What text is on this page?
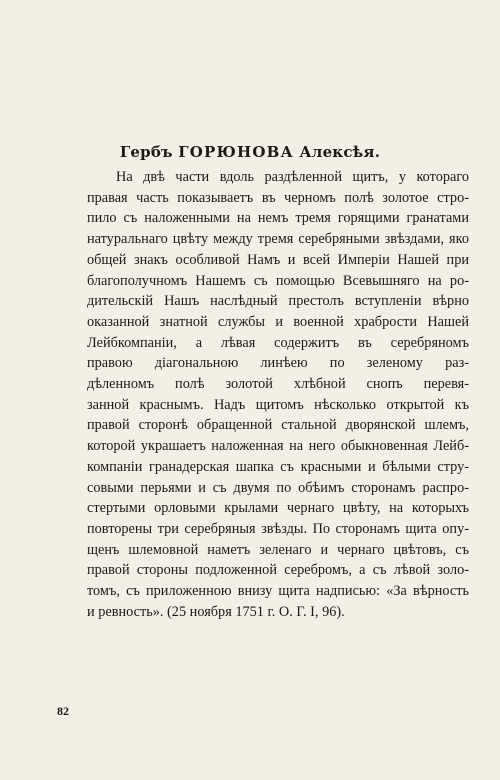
Гербъ ГОРЮНОВА Алексѣя.
На двѣ части вдоль раздѣленной щитъ, у котораго
правая часть показываетъ въ черномъ полѣ золотое стро-
пило съ наложенными на немъ тремя горящими гранатами
натуральнаго цвѣту между тремя серебряными звѣздами, яко
общей знакъ особливой Намъ и всей Имперіи Нашей при
благополучномъ Нашемъ съ помощью Всевышняго на ро-
дительскій Нашъ наслѣдный престолъ вступленіи вѣрно
оказанной знатной службы и военной храбрости Нашей
Лейбкомпаніи, а лѣвая содержитъ въ серебряномъ
правою діагональною линѣею по зеленому раз-
дѣленномъ полѣ золотой хлѣбной снопъ перевя-
занной краснымъ. Надъ щитомъ нѣсколько открытой къ
правой сторонѣ обращенной стальной дворянской шлемъ,
которой украшаетъ наложенная на него обыкновенная Лейб-
компаніи гранадерская шапка съ красными и бѣлыми стру-
совыми перьями и съ двумя по обѣимъ сторонамъ распро-
стертыми орловыми крылами чернаго цвѣту, на которыхъ
повторены три серебряныя звѣзды. По сторонамъ щита опу-
щенъ шлемовной наметъ зеленаго и чернаго цвѣтовъ, съ
правой стороны подложенной серебромъ, а съ лѣвой золо-
томъ, съ приложенною внизу щита надписью: «За вѣрность
и ревность». (25 ноября 1751 г. О. Г. I, 96).
82
